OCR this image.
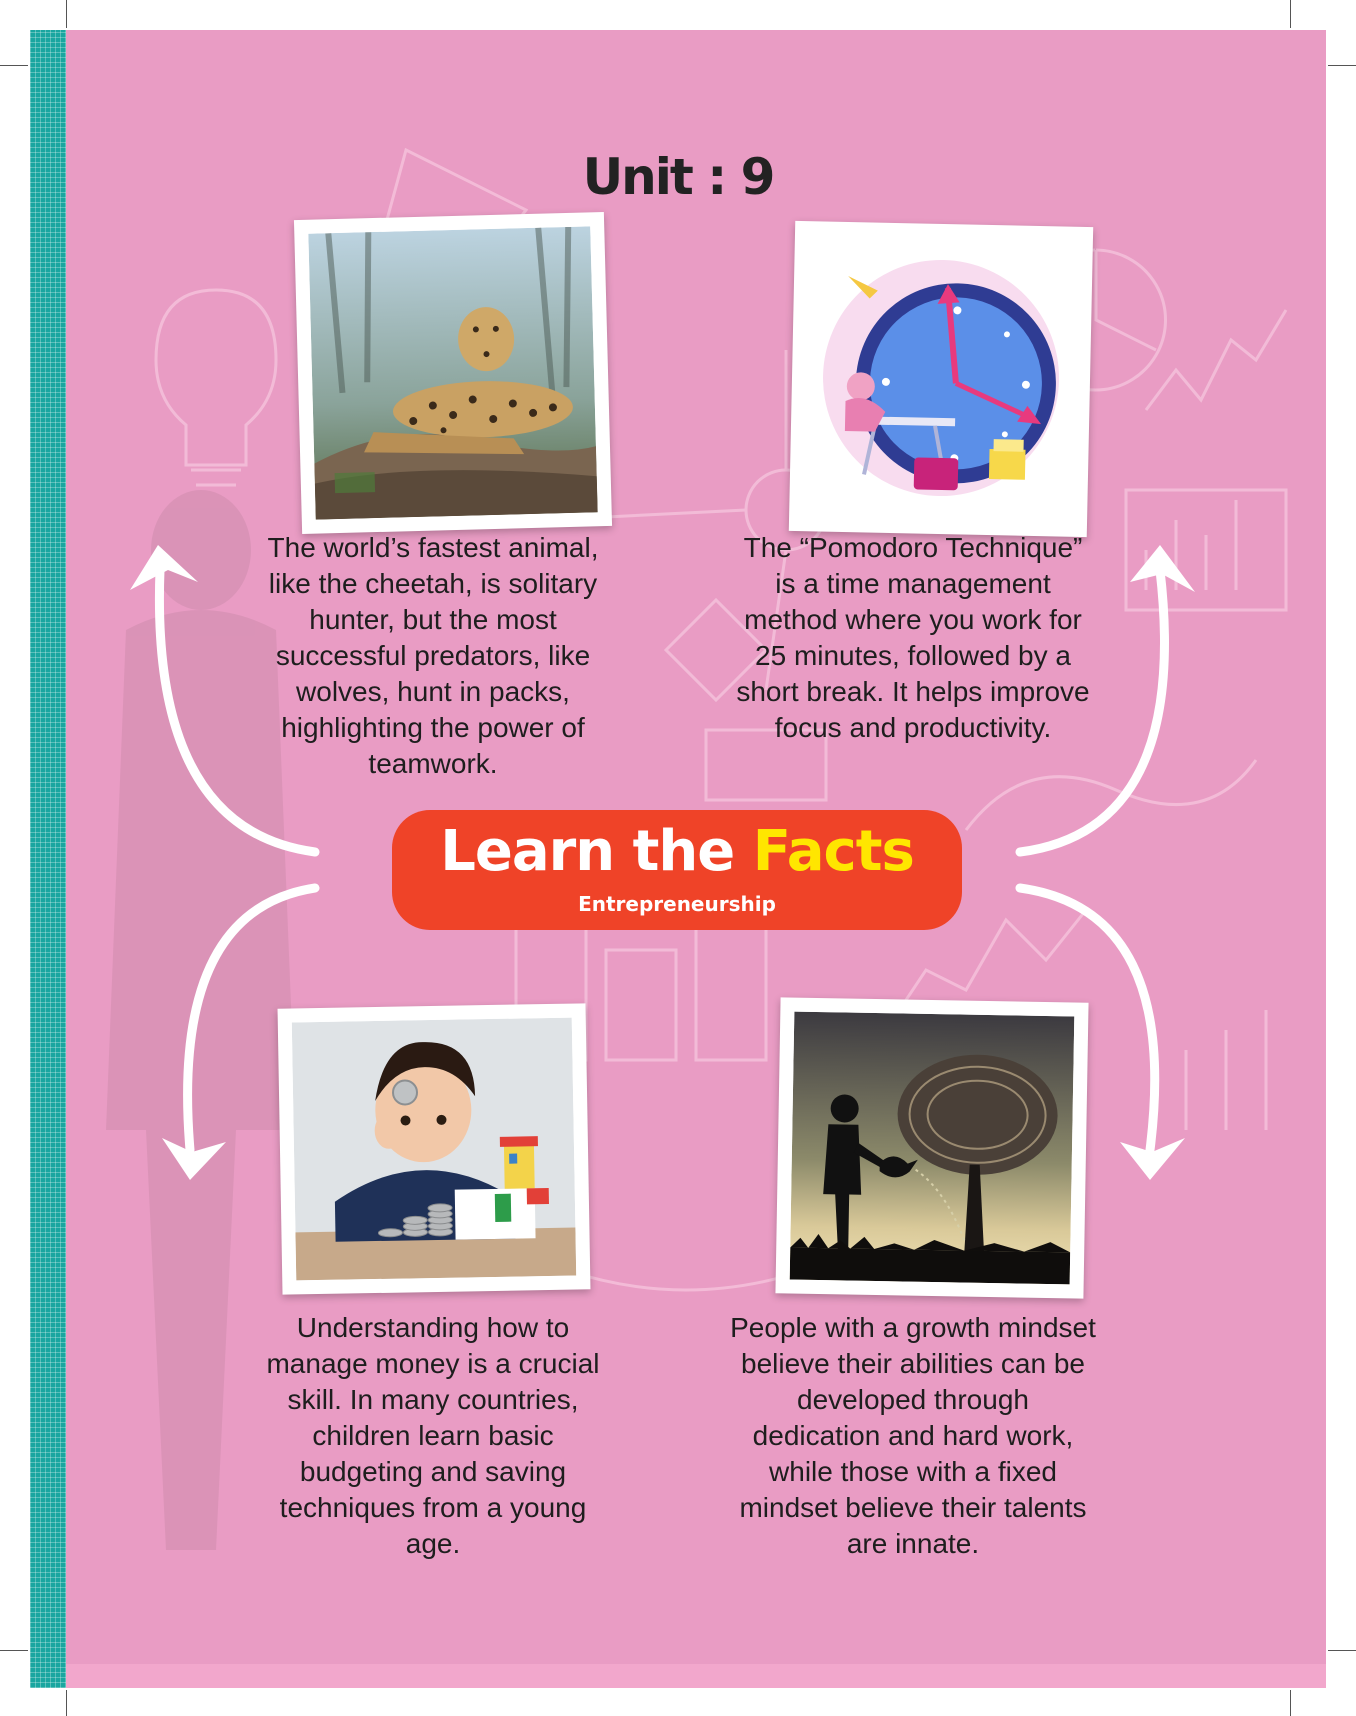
Unit : 9
The world’s fastest animal, like the cheetah, is solitary hunter, but the most successful predators, like wolves, hunt in packs, highlighting the power of teamwork.
The “Pomodoro Technique” is a time management method where you work for 25 minutes, followed by a short break. It helps improve focus and productivity.
Learn the Facts
Entrepreneurship
Understanding how to manage money is a crucial skill. In many countries, children learn basic budgeting and saving techniques from a young age.
People with a growth mindset believe their abilities can be developed through dedication and hard work, while those with a fixed mindset believe their talents are innate.
